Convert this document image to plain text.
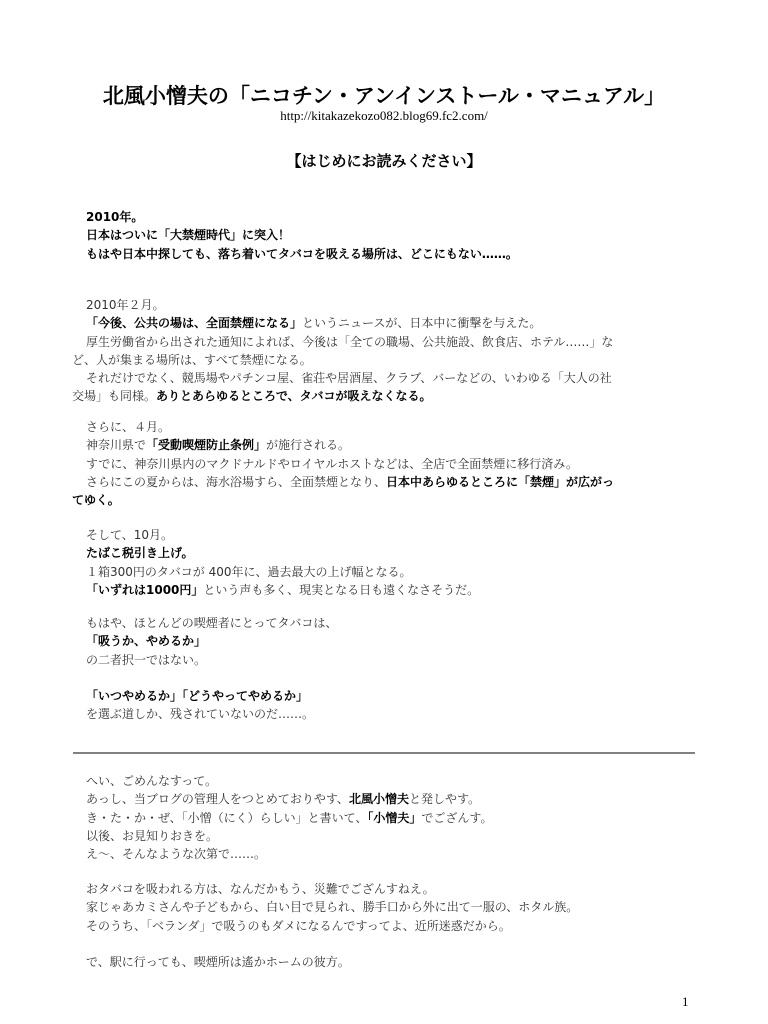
北風小憎夫の「ニコチン・アンインストール・マニュアル」
http://kitakazekozo082.blog69.fc2.com/
【はじめにお読みください】
2010年。
日本はついに「大禁煙時代」に突入！
もはや日本中探しても、落ち着いてタバコを吸える場所は、どこにもない……。
2010年２月。
「今後、公共の場は、全面禁煙になる」というニュースが、日本中に衝撃を与えた。
厚生労働省から出された通知によれば、今後は「全ての職場、公共施設、飲食店、ホテル……」な
ど、人が集まる場所は、すべて禁煙になる。
それだけでなく、競馬場やパチンコ屋、雀荘や居酒屋、クラブ、バーなどの、いわゆる「大人の社
交場」も同様。ありとあらゆるところで、タバコが吸えなくなる。
さらに、４月。
神奈川県で「受動喫煙防止条例」が施行される。
すでに、神奈川県内のマクドナルドやロイヤルホストなどは、全店で全面禁煙に移行済み。
さらにこの夏からは、海水浴場すら、全面禁煙となり、日本中あらゆるところに「禁煙」が広がっ
てゆく。
そして、10月。
たばこ税引き上げ。
１箱300円のタバコが 400年に、過去最大の上げ幅となる。
「いずれは1000円」という声も多く、現実となる日も遠くなさそうだ。
もはや、ほとんどの喫煙者にとってタバコは、
「吸うか、やめるか」
の二者択一ではない。
「いつやめるか」「どうやってやめるか」
を選ぶ道しか、残されていないのだ……。
へい、ごめんなすって。
あっし、当ブログの管理人をつとめておりやす、北風小憎夫と発しやす。
き・た・か・ぜ、「小憎（にく）らしい」と書いて、「小憎夫」でござんす。
以後、お見知りおきを。
え～、そんなような次第で……。
おタバコを吸われる方は、なんだかもう、災難でござんすねえ。
家じゃあカミさんや子どもから、白い目で見られ、勝手口から外に出て一服の、ホタル族。
そのうち、「ベランダ」で吸うのもダメになるんですってよ、近所迷惑だから。
で、駅に行っても、喫煙所は遙かホームの彼方。
1
